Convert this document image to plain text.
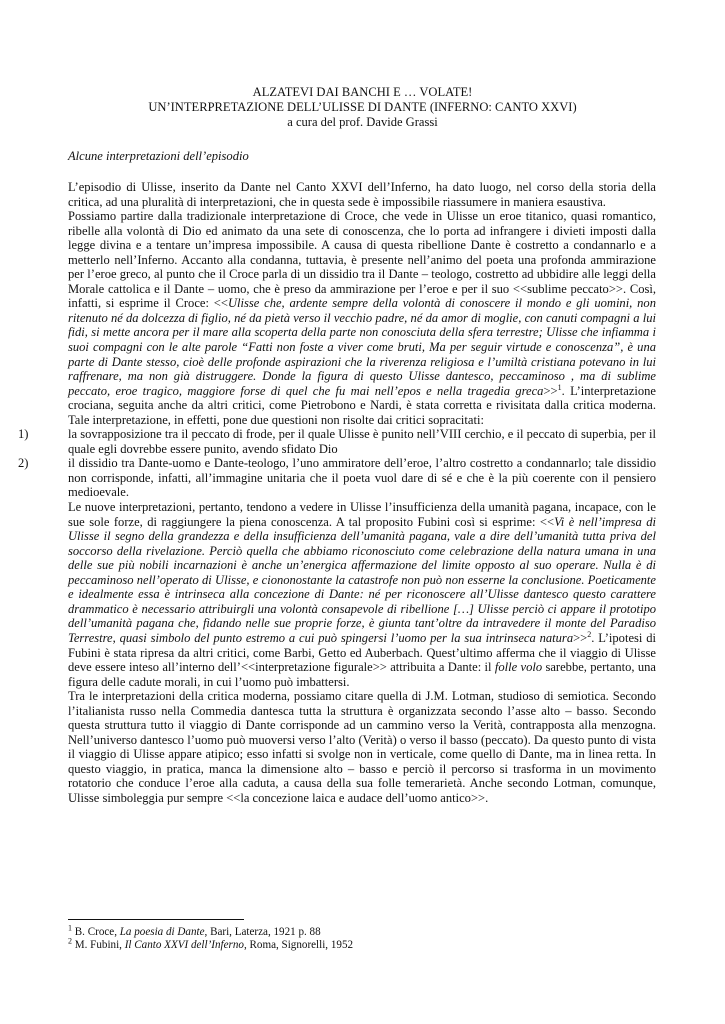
ALZATEVI DAI BANCHI E … VOLATE!
UN’INTERPRETAZIONE DELL’ULISSE DI DANTE (INFERNO: CANTO XXVI)
a cura del prof. Davide Grassi
Alcune interpretazioni dell’episodio

L’episodio di Ulisse, inserito da Dante nel Canto XXVI dell’Inferno, ha dato luogo, nel corso della storia della critica, ad una pluralità di interpretazioni, che in questa sede è impossibile riassumere in maniera esaustiva.

Possiamo partire dalla tradizionale interpretazione di Croce, che vede in Ulisse un eroe titanico, quasi romantico, ribelle alla volontà di Dio ed animato da una sete di conoscenza, che lo porta ad infrangere i divieti imposti dalla legge divina e a tentare un’impresa impossibile. A causa di questa ribellione Dante è costretto a condannarlo e a metterlo nell’Inferno. Accanto alla condanna, tuttavia, è presente nell’animo del poeta una profonda ammirazione per l’eroe greco, al punto che il Croce parla di un dissidio tra il Dante – teologo, costretto ad ubbidire alle leggi della Morale cattolica e il Dante – uomo, che è preso da ammirazione per l’eroe e per il suo <<sublime peccato>>. Così, infatti, si esprime il Croce: <<Ulisse che, ardente sempre della volontà di conoscere il mondo e gli uomini, non ritenuto né da dolcezza di figlio, né da pietà verso il vecchio padre, né da amor di moglie, con canuti compagni a lui fidi, si mette ancora per il mare alla scoperta della parte non conosciuta della sfera terrestre; Ulisse che infiamma i suoi compagni con le alte parole “Fatti non foste a viver come bruti, Ma per seguir virtude e conoscenza”, è una parte di Dante stesso, cioè delle profonde aspirazioni che la riverenza religiosa e l’umiltà cristiana potevano in lui raffrenare, ma non già distruggere. Donde la figura di questo Ulisse dantesco, peccaminoso , ma di sublime peccato, eroe tragico, maggiore forse di quel che fu mai nell’epos e nella tragedia greca>>$^1$. L’interpretazione crociana, seguita anche da altri critici, come Pietrobono e Nardi, è stata corretta e rivisitata dalla critica moderna. Tale interpretazione, in effetti, pone due questioni non risolte dai critici sopracitati:

1)	la sovrapposizione tra il peccato di frode, per il quale Ulisse è punito nell’VIII cerchio, e il peccato di superbia, per il quale egli dovrebbe essere punito, avendo sfidato Dio

2)	il dissidio tra Dante-uomo e Dante-teologo, l’uno ammiratore dell’eroe, l’altro costretto a condannarlo; tale dissidio non corrisponde, infatti, all’immagine unitaria che il poeta vuol dare di sé e che è la più coerente con il pensiero medioevale.

Le nuove interpretazioni, pertanto, tendono a vedere in Ulisse l’insufficienza della umanità pagana, incapace, con le sue sole forze, di raggiungere la piena conoscenza. A tal proposito Fubini così si esprime: <<Vi è nell’impresa di Ulisse il segno della grandezza e della insufficienza dell’umanità pagana, vale a dire dell’umanità tutta priva del soccorso della rivelazione. Perciò quella che abbiamo riconosciuto come celebrazione della natura umana in una delle sue più nobili incarnazioni è anche un’energica affermazione del limite opposto al suo operare. Nulla è di peccaminoso nell’operato di Ulisse, e ciononostante la catastrofe non può non esserne la conclusione. Poeticamente e idealmente essa è intrinseca alla concezione di Dante: né per riconoscere all’Ulisse dantesco questo carattere drammatico è necessario attribuirgli una volontà consapevole di ribellione […] Ulisse perciò ci appare il prototipo dell’umanità pagana che, fidando nelle sue proprie forze, è giunta tant’oltre da intravedere il monte del Paradiso Terrestre, quasi simbolo del punto estremo a cui può spingersi l’uomo per la sua intrinseca natura>>$^2$. L’ipotesi di Fubini è stata ripresa da altri critici, come Barbi, Getto ed Auberbach. Quest’ultimo afferma che il viaggio di Ulisse deve essere inteso all’interno dell’<<interpretazione figurale>> attribuita a Dante: il folle volo sarebbe, pertanto, una figura delle cadute morali, in cui l’uomo può imbattersi.

Tra le interpretazioni della critica moderna, possiamo citare quella di J.M. Lotman, studioso di semiotica. Secondo l’italianista russo nella Commedia dantesca tutta la struttura è organizzata secondo l’asse alto – basso. Secondo questa struttura tutto il viaggio di Dante corrisponde ad un cammino verso la Verità, contrapposta alla menzogna. Nell’universo dantesco l’uomo può muoversi verso l’alto (Verità) o verso il basso (peccato). Da questo punto di vista il viaggio di Ulisse appare atipico; esso infatti si svolge non in verticale, come quello di Dante, ma in linea retta. In questo viaggio, in pratica, manca la dimensione alto – basso e perciò il percorso si trasforma in un movimento rotatorio che conduce l’eroe alla caduta, a causa della sua folle temerarietà. Anche secondo Lotman, comunque, Ulisse simboleggia pur sempre <<la concezione laica e audace dell’uomo antico>>.

$^1$ B. Croce, La poesia di Dante, Bari, Laterza, 1921 p. 88

$^2$ M. Fubini, Il Canto XXVI dell’Inferno, Roma, Signorelli, 1952
